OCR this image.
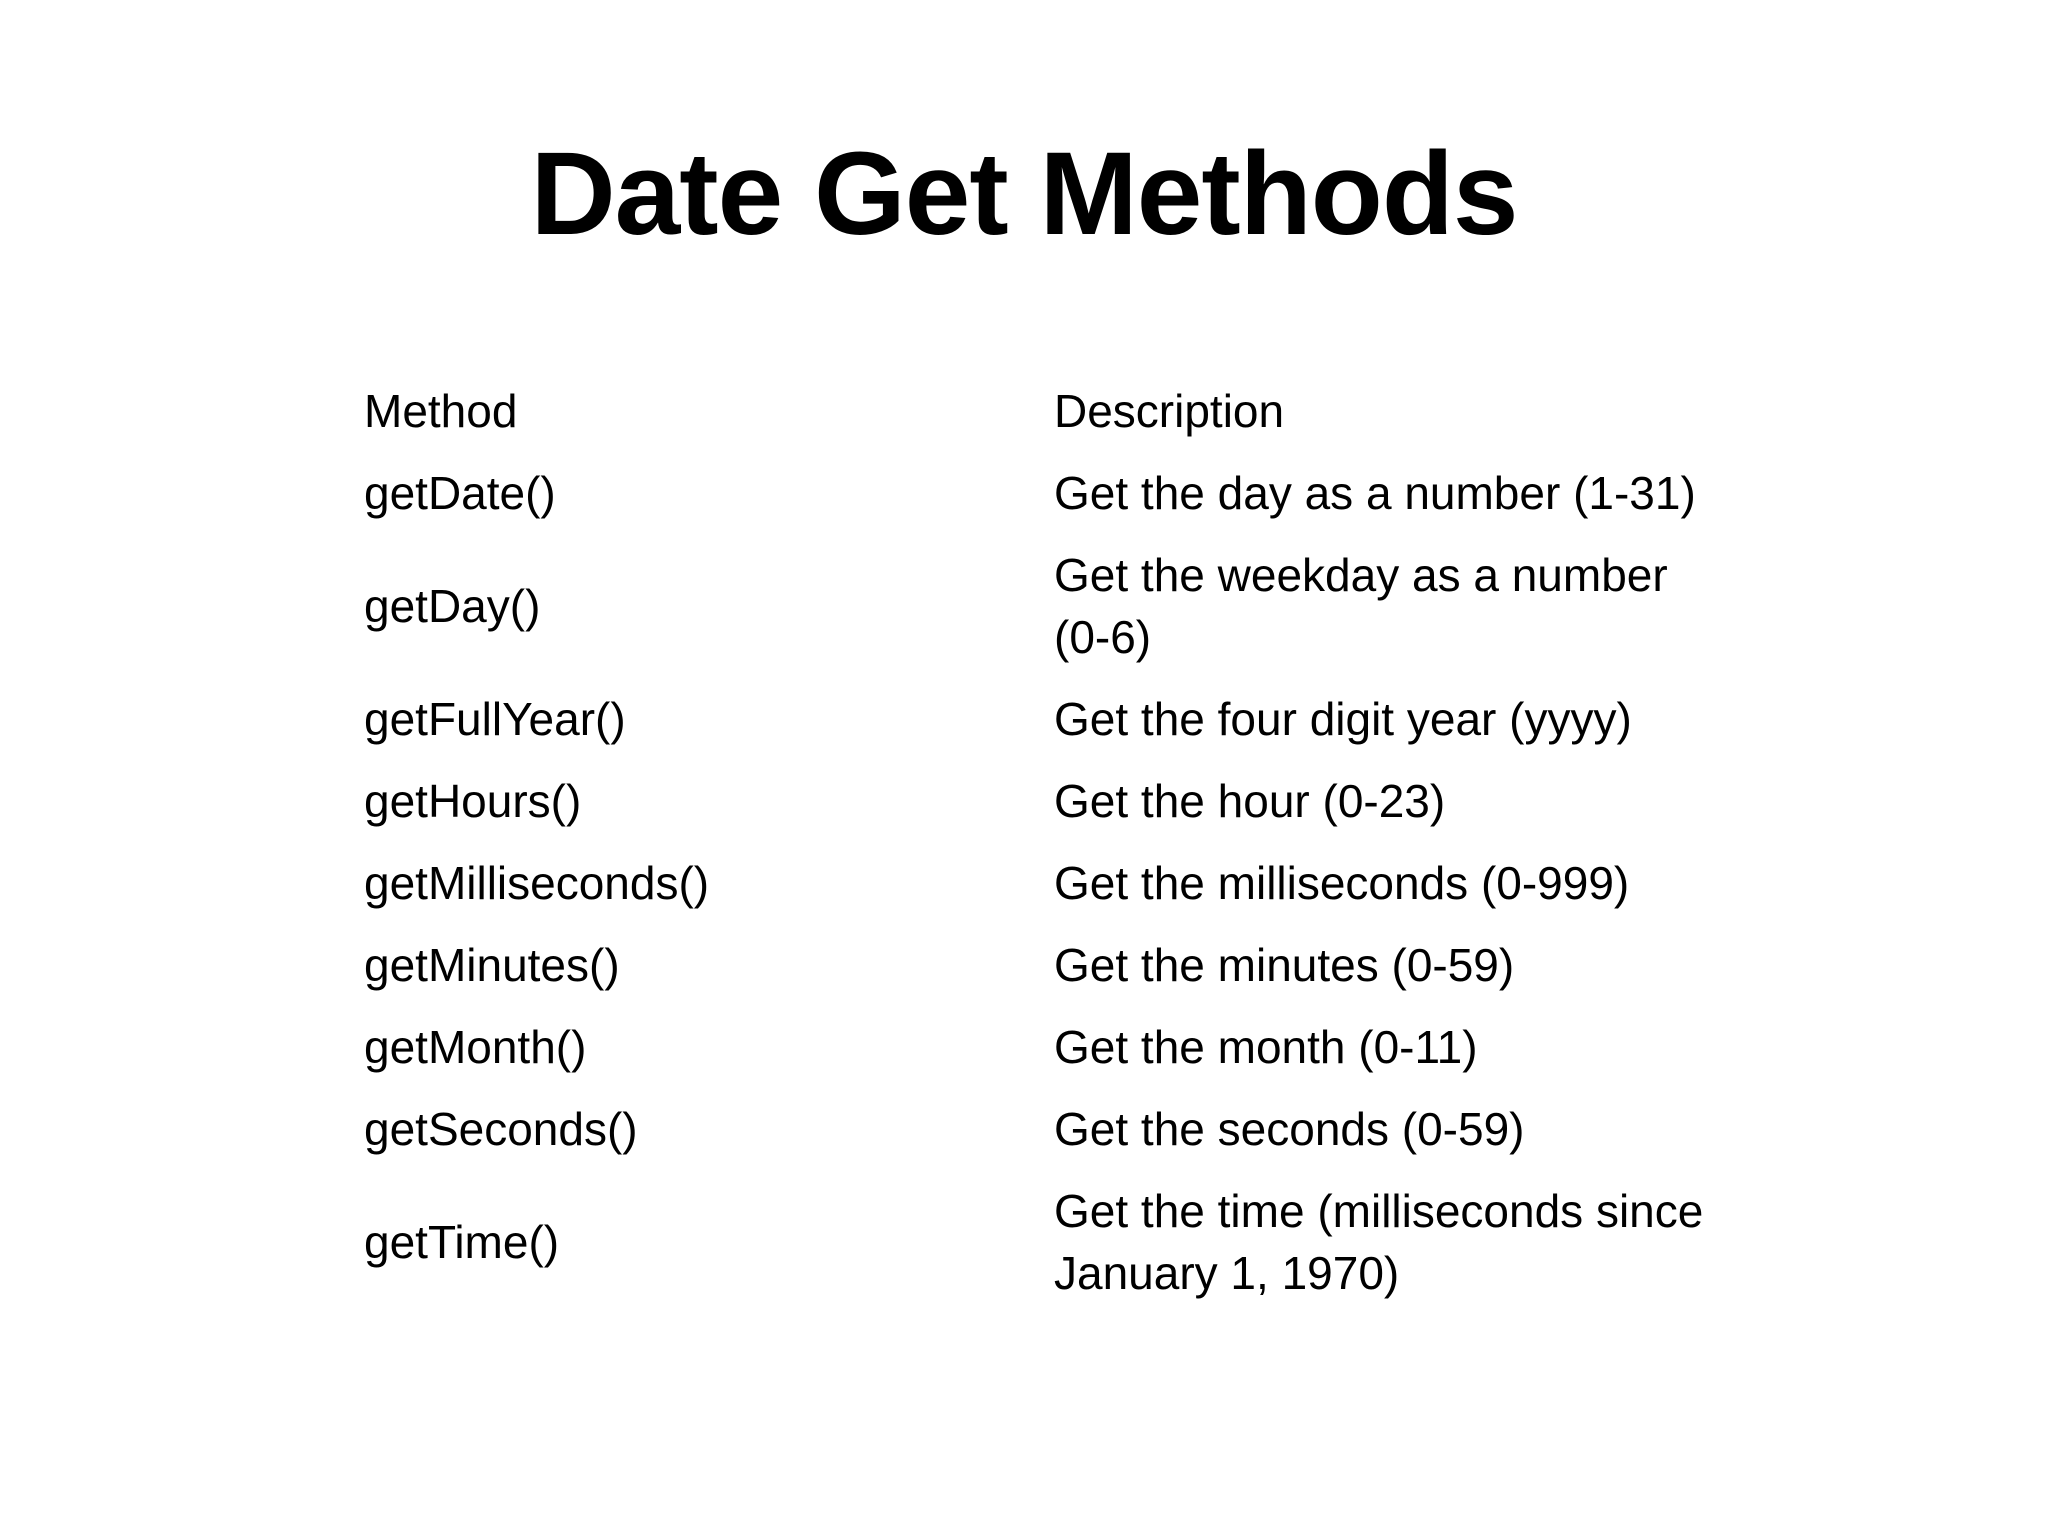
Date Get Methods
Method	Description
getDate()	Get the day as a number (1-31)
getDay()	Get the weekday as a number (0-6)
getFullYear()	Get the four digit year (yyyy)
getHours()	Get the hour (0-23)
getMilliseconds()	Get the milliseconds (0-999)
getMinutes()	Get the minutes (0-59)
getMonth()	Get the month (0-11)
getSeconds()	Get the seconds (0-59)
getTime()	Get the time (milliseconds since January 1, 1970)
